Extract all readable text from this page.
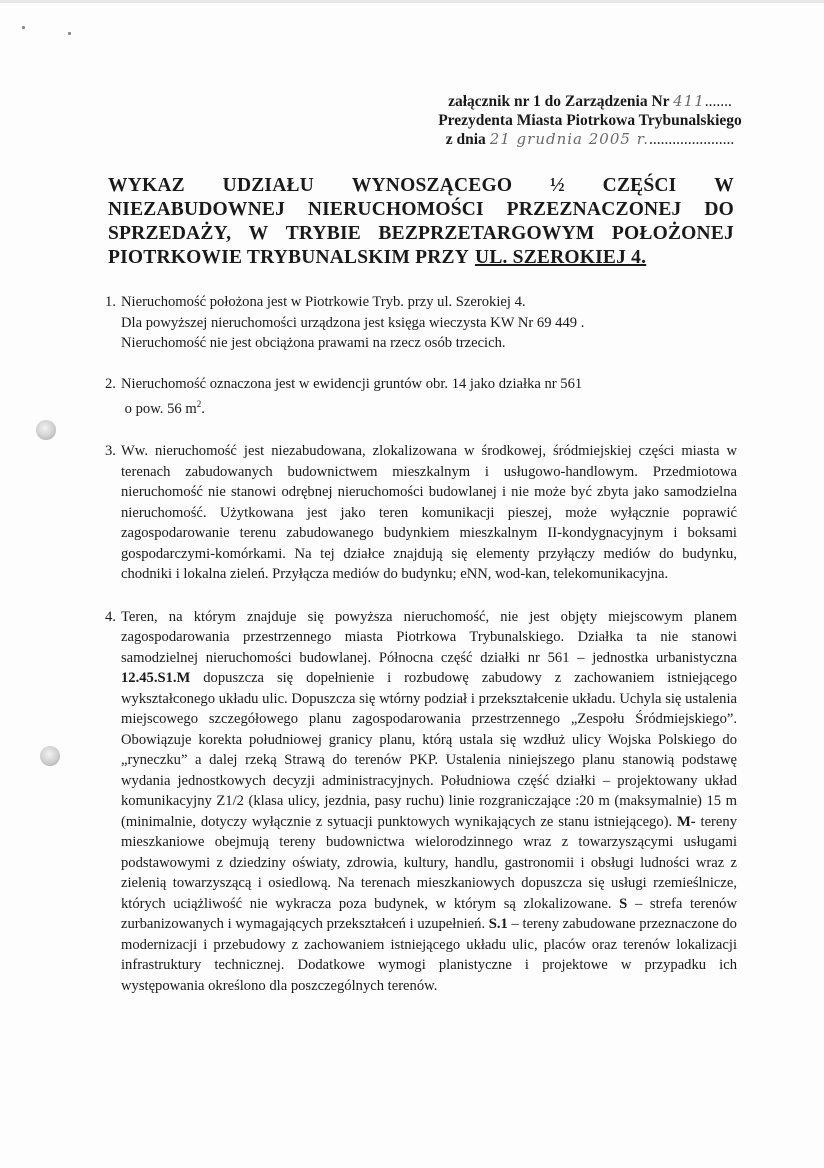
załącznik nr 1 do Zarządzenia Nr 411.......
Prezydenta Miasta Piotrkowa Trybunalskiego
z dnia 21 grudnia 2005 r.......................
WYKAZ UDZIAŁU WYNOSZĄCEGO ½ CZĘŚCI W
NIEZABUDOWNEJ NIERUCHOMOŚCI PRZEZNACZONEJ DO
SPRZEDAŻY, W TRYBIE BEZPRZETARGOWYM POŁOŻONEJ
PIOTRKOWIE TRYBUNALSKIM PRZY UL. SZEROKIEJ 4.
1. Nieruchomość położona jest w Piotrkowie Tryb. przy ul. Szerokiej 4.

Dla powyższej nieruchomości urządzona jest księga wieczysta KW Nr 69 449 .

Nieruchomość nie jest obciążona prawami na rzecz osób trzecich.

2. Nieruchomość oznaczona jest w ewidencji gruntów obr. 14 jako działka nr 561

o pow. 56 $m^2$.

3. Ww. nieruchomość jest niezabudowana, zlokalizowana w środkowej, śródmiejskiej części miasta w terenach zabudowanych budownictwem mieszkalnym i usługowo-handlowym. Przedmiotowa nieruchomość nie stanowi odrębnej nieruchomości budowlanej i nie może być zbyta jako samodzielna nieruchomość. Użytkowana jest jako teren komunikacji pieszej, może wyłącznie poprawić zagospodarowanie terenu zabudowanego budynkiem mieszkalnym II-kondygnacyjnym i boksami gospodarczymi-komórkami. Na tej działce znajdują się elementy przyłączy mediów do budynku, chodniki i lokalna zieleń. Przyłącza mediów do budynku; eNN, wod-kan, telekomunikacyjna.

4. Teren, na którym znajduje się powyższa nieruchomość, nie jest objęty miejscowym planem zagospodarowania przestrzennego miasta Piotrkowa Trybunalskiego. Działka ta nie stanowi samodzielnej nieruchomości budowlanej. Północna część działki nr 561 – jednostka urbanistyczna 12.45.S1.M dopuszcza się dopełnienie i rozbudowę zabudowy z zachowaniem istniejącego wykształconego układu ulic. Dopuszcza się wtórny podział i przekształcenie układu. Uchyla się ustalenia miejscowego szczegółowego planu zagospodarowania przestrzennego „Zespołu Śródmiejskiego”. Obowiązuje korekta południowej granicy planu, którą ustala się wzdłuż ulicy Wojska Polskiego do „ryneczku” a dalej rzeką Strawą do terenów PKP. Ustalenia niniejszego planu stanowią podstawę wydania jednostkowych decyzji administracyjnych. Południowa część działki – projektowany układ komunikacyjny Z1/2 (klasa ulicy, jezdnia, pasy ruchu) linie rozgraniczające :20 m (maksymalnie) 15 m (minimalnie, dotyczy wyłącznie z sytuacji punktowych wynikających ze stanu istniejącego). M- tereny mieszkaniowe obejmują tereny budownictwa wielorodzinnego wraz z towarzyszącymi usługami podstawowymi z dziedziny oświaty, zdrowia, kultury, handlu, gastronomii i obsługi ludności wraz z zielenią towarzyszącą i osiedlową. Na terenach mieszkaniowych dopuszcza się usługi rzemieślnicze, których uciążliwość nie wykracza poza budynek, w którym są zlokalizowane. S – strefa terenów zurbanizowanych i wymagających przekształceń i uzupełnień. S.1 – tereny zabudowane przeznaczone do modernizacji i przebudowy z zachowaniem istniejącego układu ulic, placów oraz terenów lokalizacji infrastruktury technicznej. Dodatkowe wymogi planistyczne i projektowe w przypadku ich występowania określono dla poszczególnych terenów.
